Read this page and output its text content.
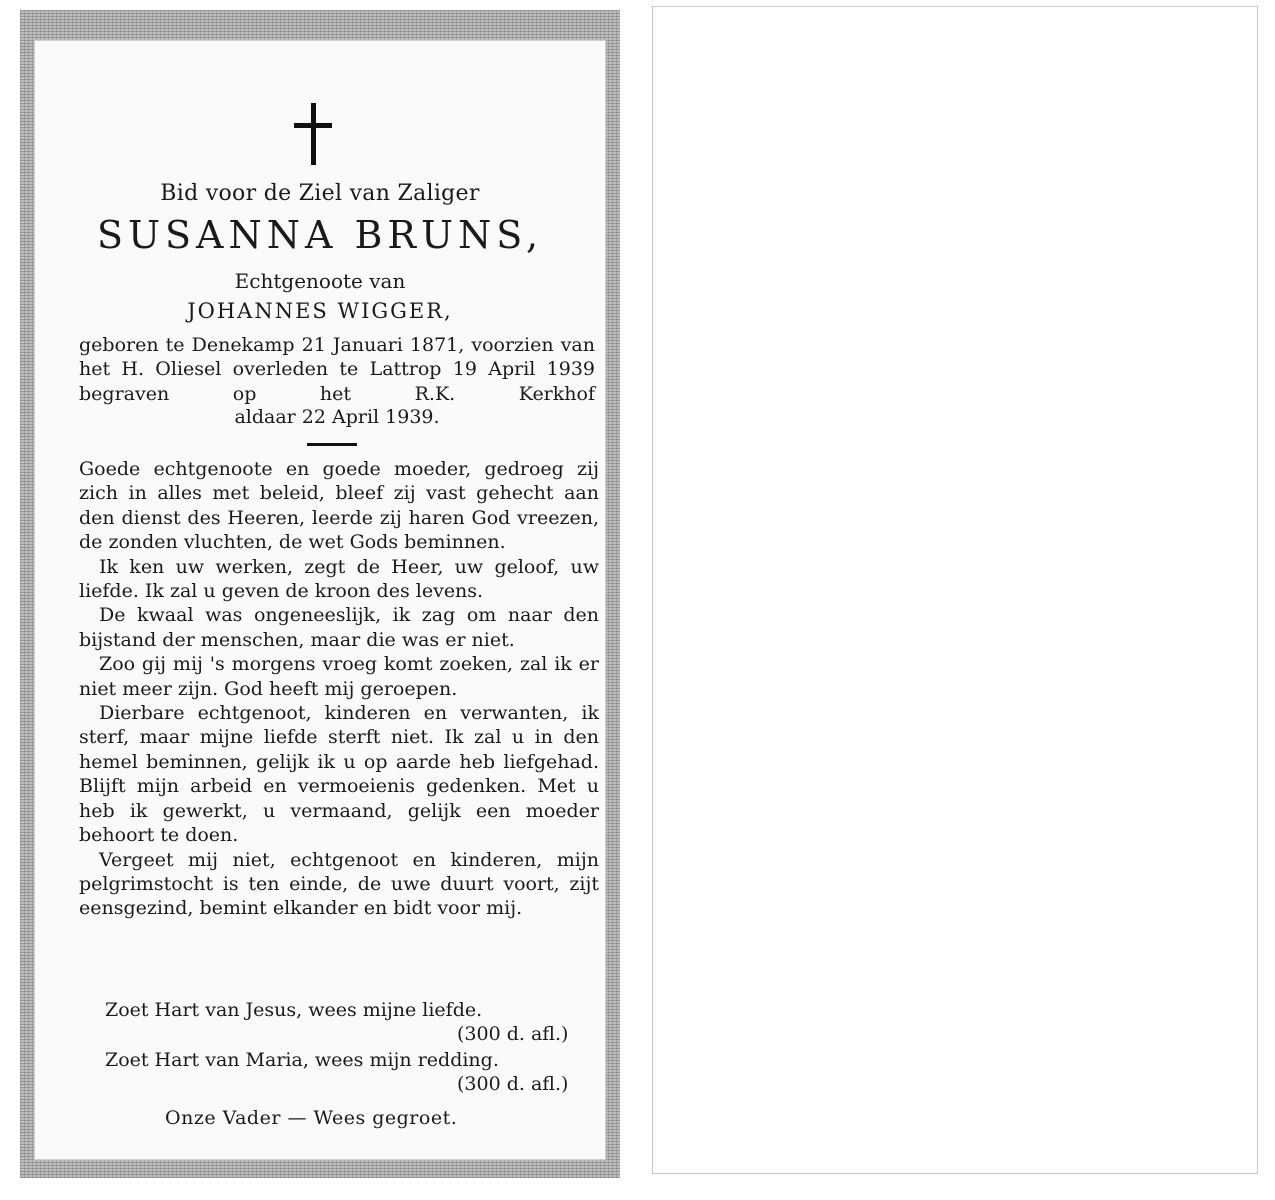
Bid voor de Ziel van Zaliger
SUSANNA BRUNS,
Echtgenoote van
JOHANNES WIGGER,
geboren te Denekamp 21 Januari 1871, voorzien van het H. Oliesel overleden te Lattrop 19 April 1939 begraven op het R.K. Kerkhof
aldaar 22 April 1939.

Goede echtgenoote en goede moeder, gedroeg zij zich in alles met beleid, bleef zij vast gehecht aan den dienst des Heeren, leerde zij haren God vreezen, de zonden vluchten, de wet Gods beminnen.

Ik ken uw werken, zegt de Heer, uw geloof, uw liefde. Ik zal u geven de kroon des levens.

De kwaal was ongeneeslijk, ik zag om naar den bijstand der menschen, maar die was er niet.

Zoo gij mij 's morgens vroeg komt zoeken, zal ik er niet meer zijn. God heeft mij geroepen.

Dierbare echtgenoot, kinderen en verwanten, ik sterf, maar mijne liefde sterft niet. Ik zal u in den hemel beminnen, gelijk ik u op aarde heb liefgehad. Blijft mijn arbeid en vermoeienis gedenken. Met u heb ik gewerkt, u vermaand, gelijk een moeder behoort te doen.

Vergeet mij niet, echtgenoot en kinderen, mijn pelgrimstocht is ten einde, de uwe duurt voort, zijt eensgezind, bemint elkander en bidt voor mij.

Zoet Hart van Jesus, wees mijne liefde.
(300 d. afl.)
Zoet Hart van Maria, wees mijn redding.
(300 d. afl.)
Onze Vader — Wees gegroet.
